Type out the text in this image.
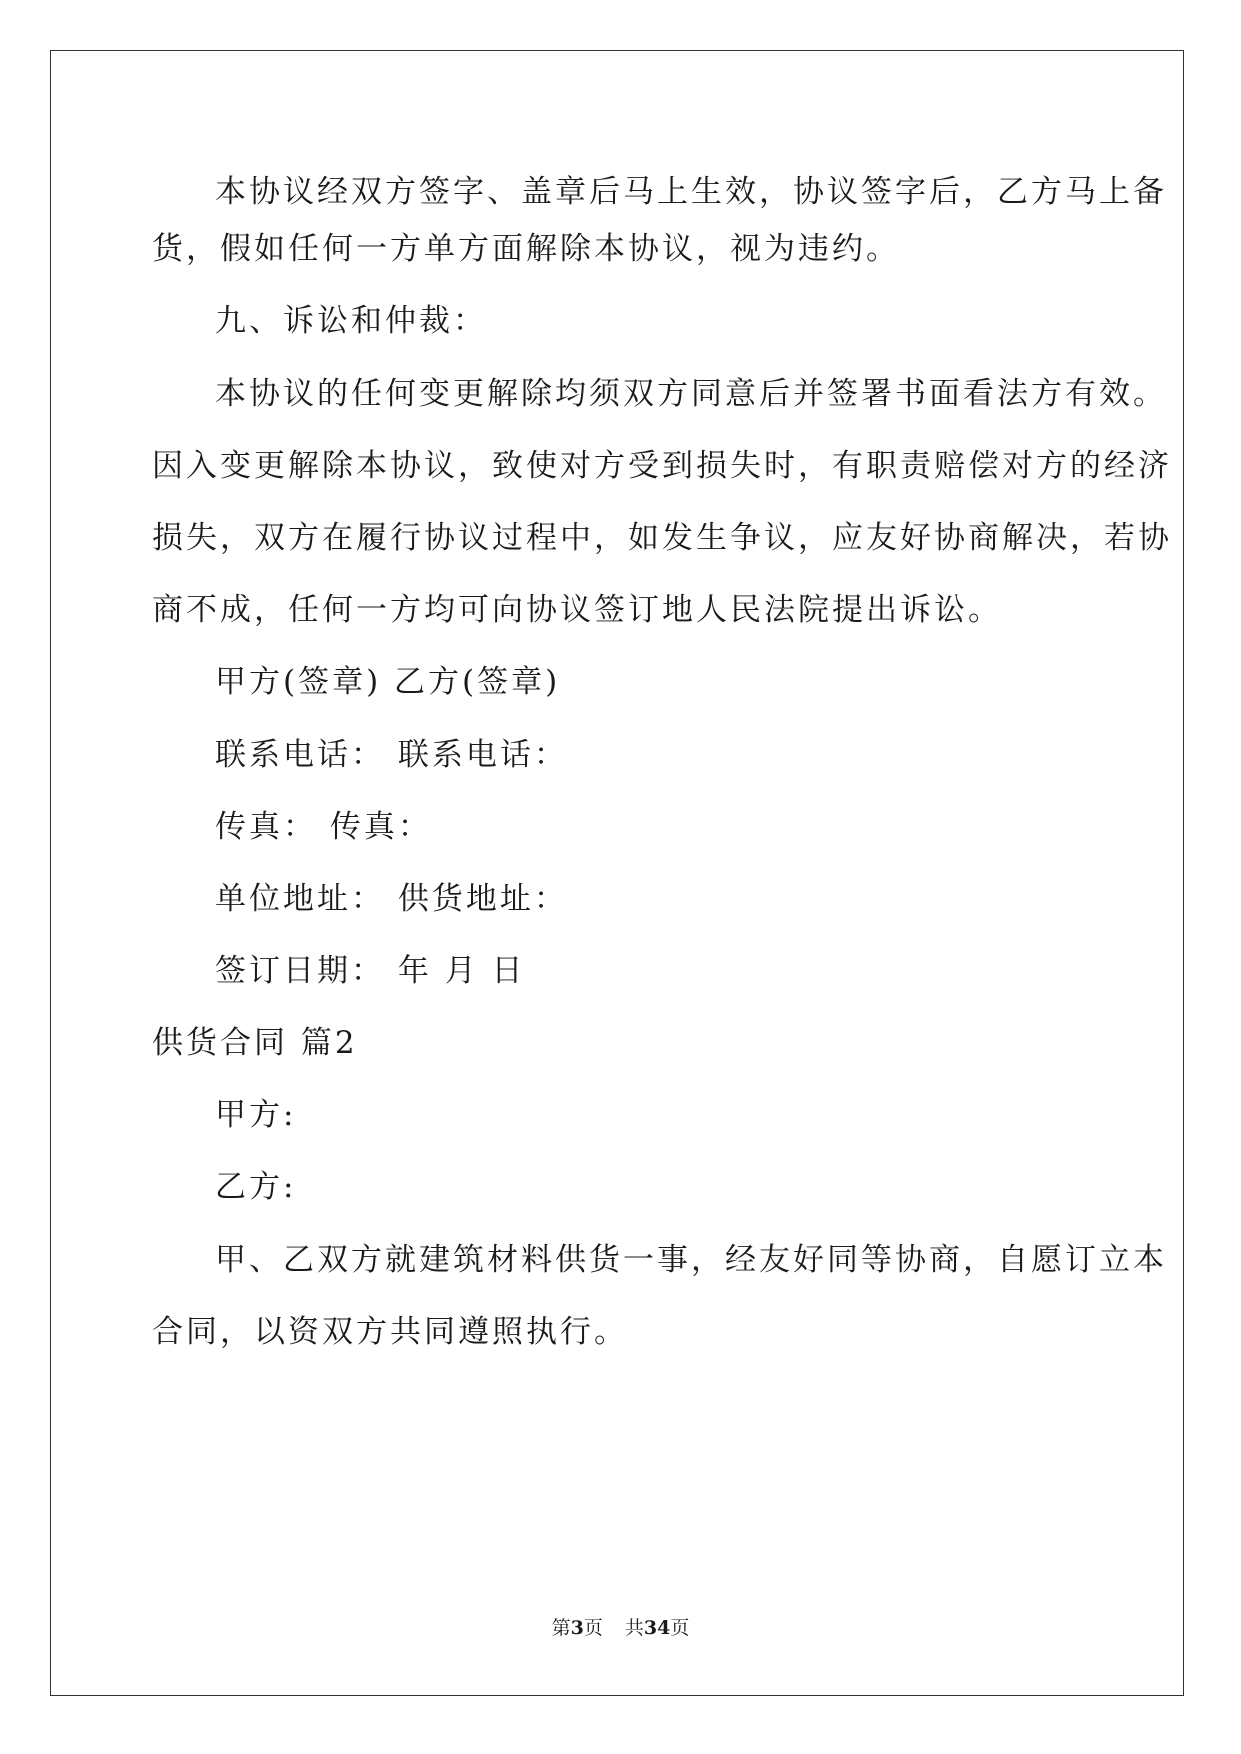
本协议经双方签字、盖章后马上生效，协议签字后，乙方马上备
货，假如任何一方单方面解除本协议，视为违约。
九、诉讼和仲裁：
本协议的任何变更解除均须双方同意后并签署书面看法方有效。
因入变更解除本协议，致使对方受到损失时，有职责赔偿对方的经济
损失，双方在履行协议过程中，如发生争议，应友好协商解决，若协
商不成，任何一方均可向协议签订地人民法院提出诉讼。
甲方(签章) 乙方(签章)
联系电话： 联系电话：
传真： 传真：
单位地址： 供货地址：
签订日期： 年 月 日
供货合同 篇2
甲方:
乙方:
甲、乙双方就建筑材料供货一事，经友好同等协商，自愿订立本
合同，以资双方共同遵照执行。
第3页 共34页
